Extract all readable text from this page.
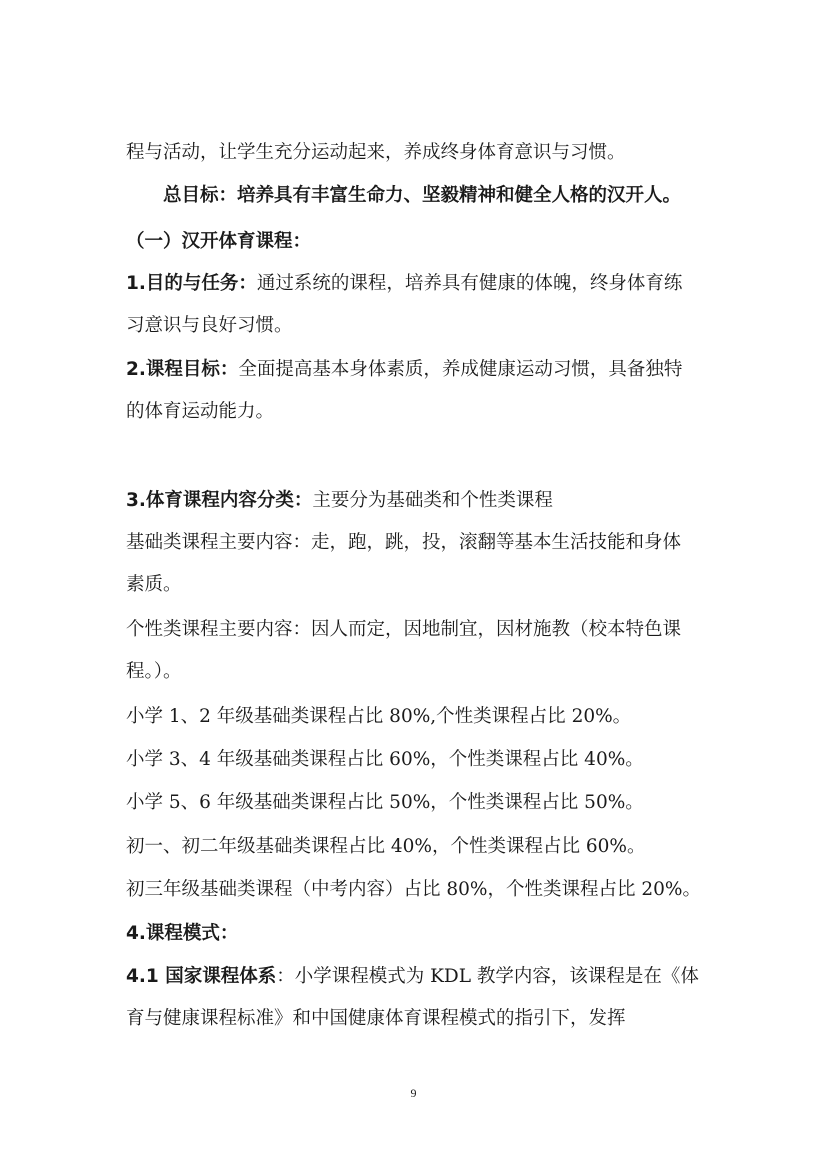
程与活动，让学生充分运动起来，养成终身体育意识与习惯。
总目标：培养具有丰富生命力、坚毅精神和健全人格的汉开人。
（一）汉开体育课程：
1.目的与任务：通过系统的课程，培养具有健康的体魄，终身体育练
习意识与良好习惯。
2.课程目标：全面提高基本身体素质，养成健康运动习惯，具备独特
的体育运动能力。
3.体育课程内容分类：主要分为基础类和个性类课程
基础类课程主要内容：走，跑，跳，投，滚翻等基本生活技能和身体
素质。
个性类课程主要内容：因人而定，因地制宜，因材施教（校本特色课
程。）。
小学 1、2 年级基础类课程占比 80%,个性类课程占比 20%。
小学 3、4 年级基础类课程占比 60%，个性类课程占比 40%。
小学 5、6 年级基础类课程占比 50%，个性类课程占比 50%。
初一、初二年级基础类课程占比 40%，个性类课程占比 60%。
初三年级基础类课程（中考内容）占比 80%，个性类课程占比 20%。
4.课程模式：
4.1 国家课程体系：小学课程模式为 KDL 教学内容，该课程是在《体
育与健康课程标准》和中国健康体育课程模式的指引下，发挥
9
